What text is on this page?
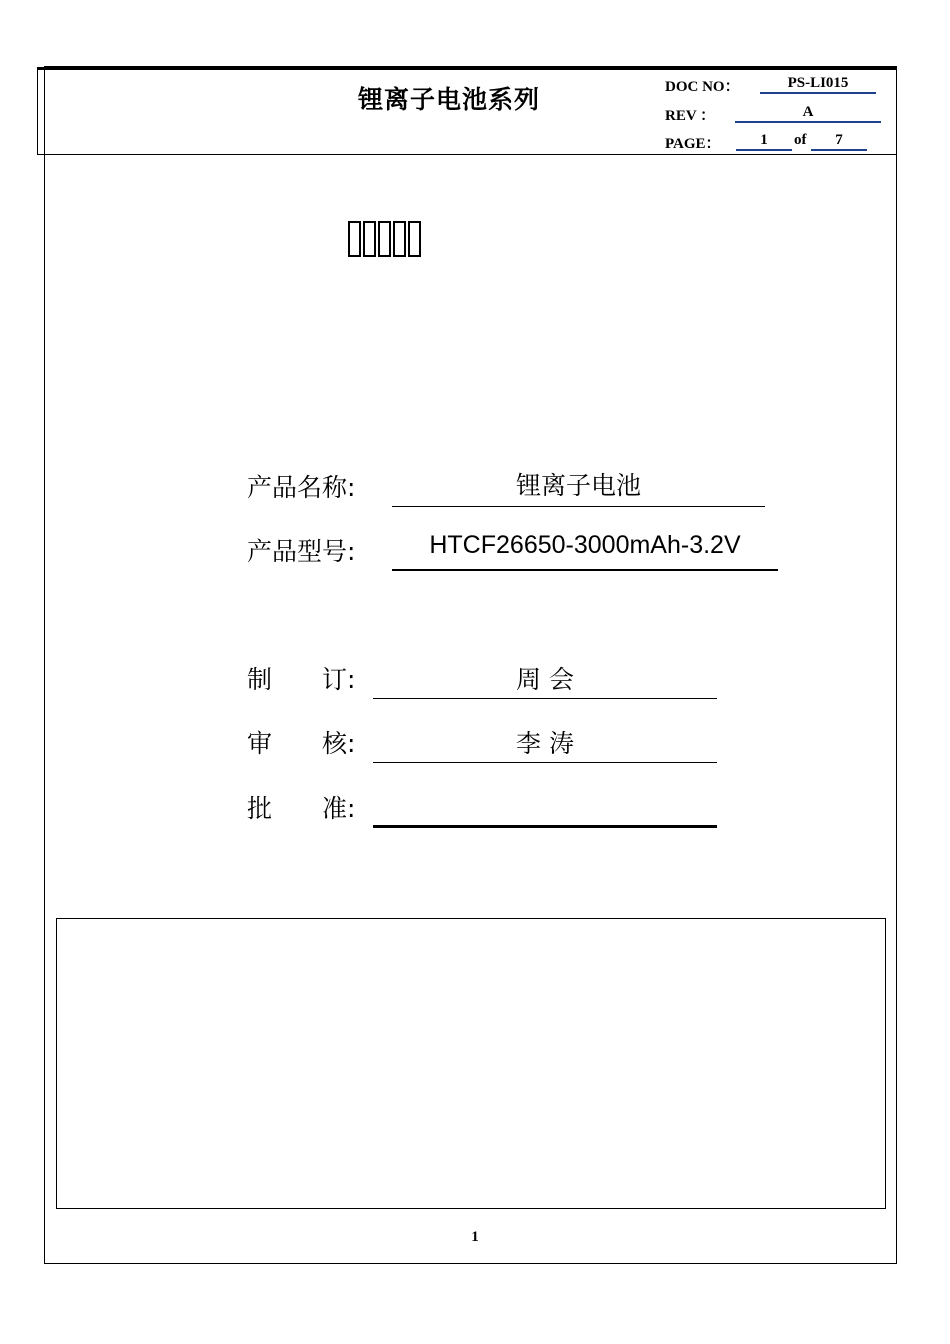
锂离子电池系列	DOC NO：	PS-LI015
REV ：	A
PAGE：	1	of	7
产品名称:	锂离子电池
产品型号:	HTCF26650-3000mAh-3.2V
制　　订:	周 会
审　　核:	李 涛
批　　准:
1
